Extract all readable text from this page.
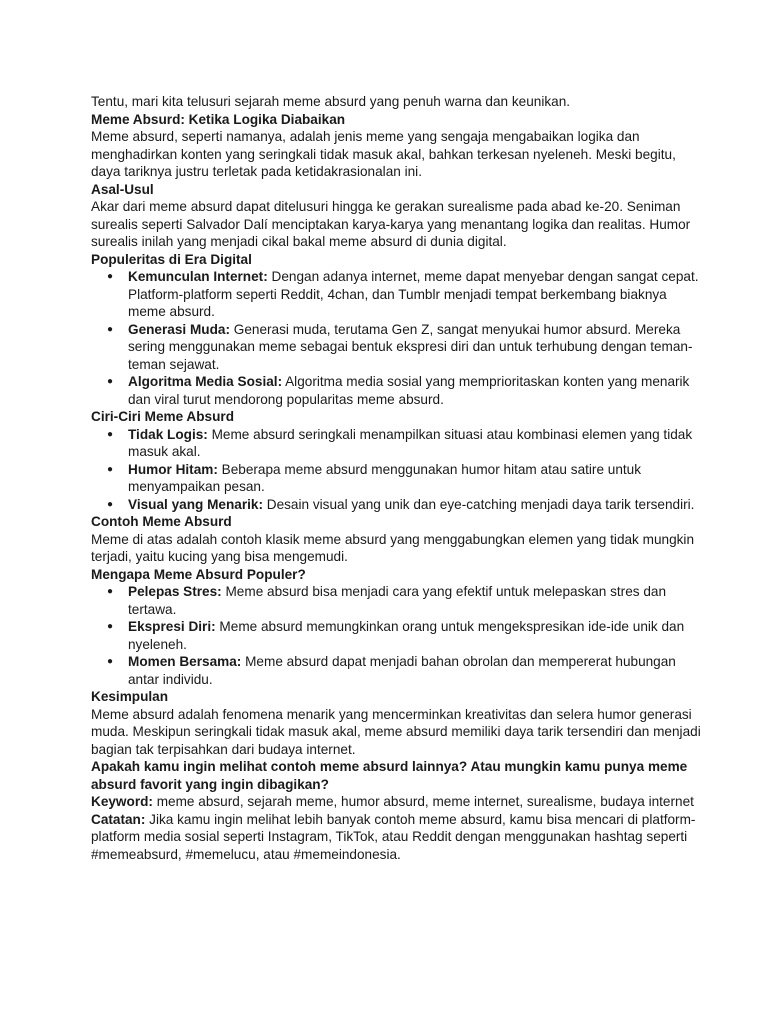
Tentu, mari kita telusuri sejarah meme absurd yang penuh warna dan keunikan.

Meme Absurd: Ketika Logika Diabaikan

Meme absurd, seperti namanya, adalah jenis meme yang sengaja mengabaikan logika dan menghadirkan konten yang seringkali tidak masuk akal, bahkan terkesan nyeleneh. Meski begitu, daya tariknya justru terletak pada ketidakrasionalan ini.

Asal-Usul

Akar dari meme absurd dapat ditelusuri hingga ke gerakan surealisme pada abad ke-20. Seniman surealis seperti Salvador Dalí menciptakan karya-karya yang menantang logika dan realitas. Humor surealis inilah yang menjadi cikal bakal meme absurd di dunia digital.

Populeritas di Era Digital
● Kemunculan Internet: Dengan adanya internet, meme dapat menyebar dengan sangat cepat. Platform-platform seperti Reddit, 4chan, dan Tumblr menjadi tempat berkembang biaknya meme absurd.
● Generasi Muda: Generasi muda, terutama Gen Z, sangat menyukai humor absurd. Mereka sering menggunakan meme sebagai bentuk ekspresi diri dan untuk terhubung dengan teman-teman sejawat.
● Algoritma Media Sosial: Algoritma media sosial yang memprioritaskan konten yang menarik dan viral turut mendorong popularitas meme absurd.
Ciri-Ciri Meme Absurd
● Tidak Logis: Meme absurd seringkali menampilkan situasi atau kombinasi elemen yang tidak masuk akal.
● Humor Hitam: Beberapa meme absurd menggunakan humor hitam atau satire untuk menyampaikan pesan.
● Visual yang Menarik: Desain visual yang unik dan eye-catching menjadi daya tarik tersendiri.
Contoh Meme Absurd

Meme di atas adalah contoh klasik meme absurd yang menggabungkan elemen yang tidak mungkin terjadi, yaitu kucing yang bisa mengemudi.

Mengapa Meme Absurd Populer?
● Pelepas Stres: Meme absurd bisa menjadi cara yang efektif untuk melepaskan stres dan tertawa.
● Ekspresi Diri: Meme absurd memungkinkan orang untuk mengekspresikan ide-ide unik dan nyeleneh.
● Momen Bersama: Meme absurd dapat menjadi bahan obrolan dan mempererat hubungan antar individu.
Kesimpulan

Meme absurd adalah fenomena menarik yang mencerminkan kreativitas dan selera humor generasi muda. Meskipun seringkali tidak masuk akal, meme absurd memiliki daya tarik tersendiri dan menjadi bagian tak terpisahkan dari budaya internet.

Apakah kamu ingin melihat contoh meme absurd lainnya? Atau mungkin kamu punya meme absurd favorit yang ingin dibagikan?

Keyword: meme absurd, sejarah meme, humor absurd, meme internet, surealisme, budaya internet

Catatan: Jika kamu ingin melihat lebih banyak contoh meme absurd, kamu bisa mencari di platform-platform media sosial seperti Instagram, TikTok, atau Reddit dengan menggunakan hashtag seperti #memeabsurd, #memelucu, atau #memeindonesia.
